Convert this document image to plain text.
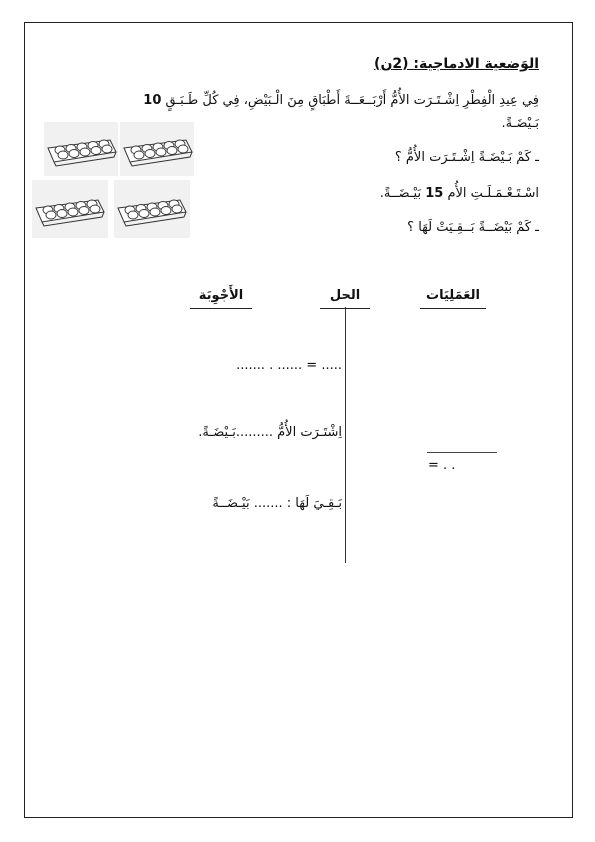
الوَضعية الادماجية: (2ن)
فِي عِيدِ الْفِطْرِ اِشْـتَـرَت الأُمُّ أَرْبَــعَــةَ أَطْبَاقٍ مِنَ الْـبَيْضِ، فِي كُلِّ طَـبَـقٍ 10
بَـيْضَـةً.
ـ كَمْ بَـيْضَـةً اِشْـتَـرَت الأُمُّ ؟
اسْـتَـعْـمَـلَـتِ الأُم 15 بَيْـضَــةً.
ـ كَمْ بَيْضَــةً بَــقِـيَتْ لَهَا ؟
العَمَلِيَات
الحل
الأَجْوِبَة
....... . ...... = .....
اِشْتَـرَت الأُمُّ .........بَـيْضَـةً.
بَـقِـيَ لَهَا : ....... بَيْـضَــةً
= . .
